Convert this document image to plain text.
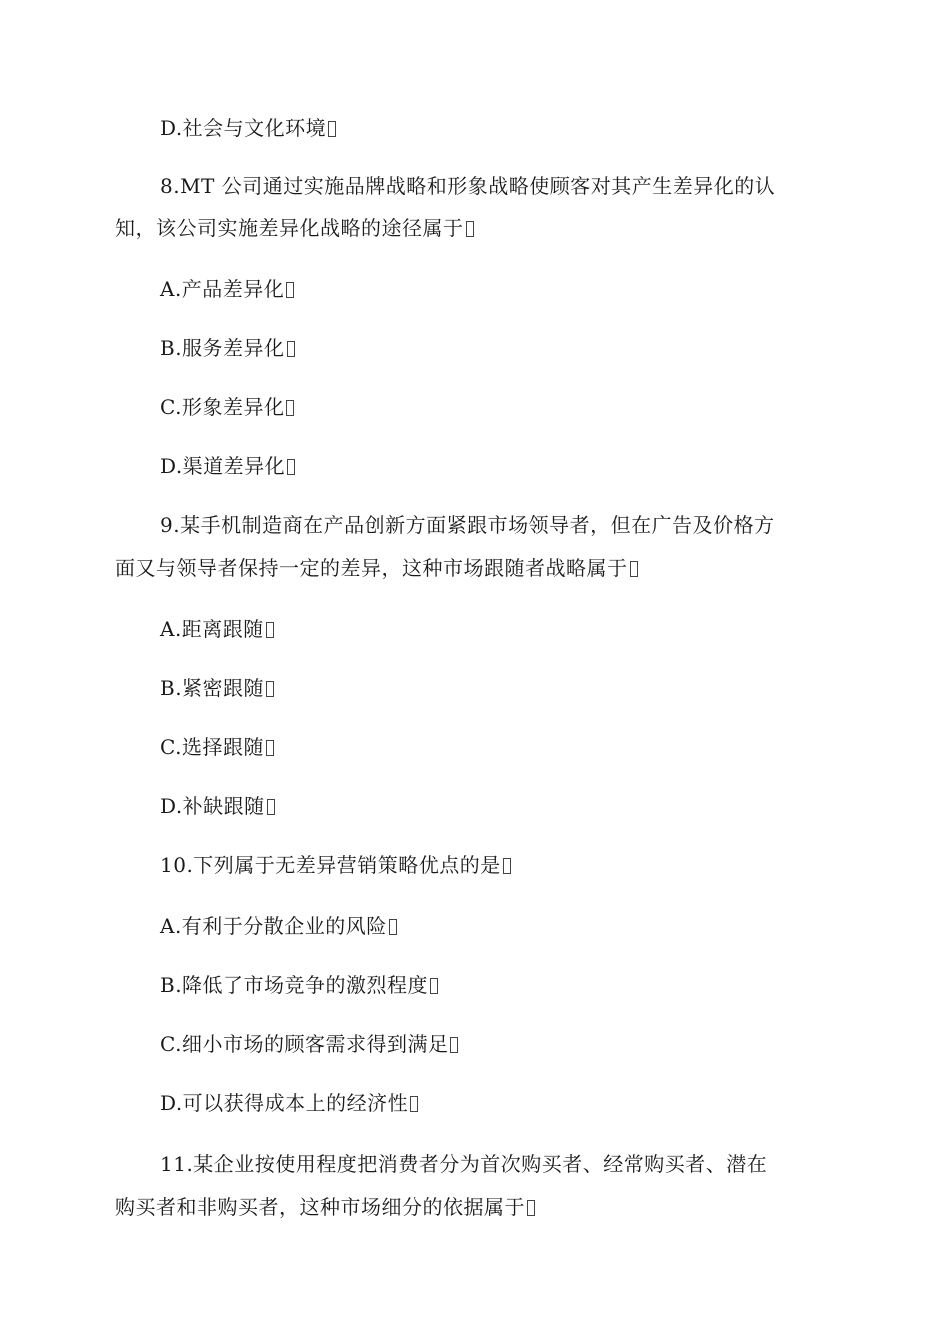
D.社会与文化环境
8.MT 公司通过实施品牌战略和形象战略使顾客对其产生差异化的认
知，该公司实施差异化战略的途径属于
A.产品差异化
B.服务差异化
C.形象差异化
D.渠道差异化
9.某手机制造商在产品创新方面紧跟市场领导者，但在广告及价格方
面又与领导者保持一定的差异，这种市场跟随者战略属于
A.距离跟随
B.紧密跟随
C.选择跟随
D.补缺跟随
10.下列属于无差异营销策略优点的是
A.有利于分散企业的风险
B.降低了市场竞争的激烈程度
C.细小市场的顾客需求得到满足
D.可以获得成本上的经济性
11.某企业按使用程度把消费者分为首次购买者、经常购买者、潜在
购买者和非购买者，这种市场细分的依据属于
